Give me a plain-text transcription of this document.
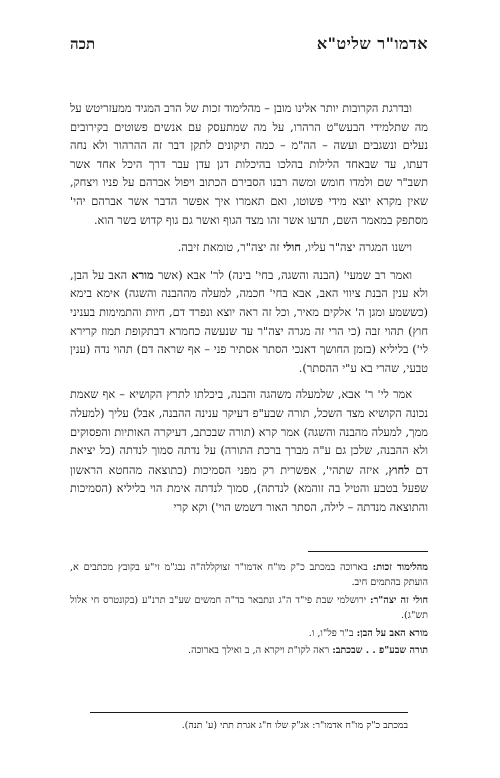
אדמו"ר שליט"א
תכה

ובדרגת הקרובות יותר אלינו מובן – מהלימוד זכות של הרב המגיד ממעזריטש על מה שתלמידי הבעש"ט הרהרו, על מה שמתעסק עם אנשים פשוטים בקירובים נעלים ונשגבים ועשה – הה"מ – כמה תיקונים לתקן דבר זה ההרהור ולא נחה דעתו, עד שבאחד הלילות בהלכו בהיכלות דגן עדן עבר דרך היכל אחד אשר תשב"ר שם ולמדו חומש ומשה רבנו הסבירם הכתוב ויפול אברהם על פניו ויצחק, שאין מקרא יוצא מידי פשוטו, ואם תאמרו איך אפשר הדבר אשר אברהם יהי' מסתפק במאמר השם, תדעו אשר זהו מצד הגוף ואשר גם גוף קדוש בשר הוא.

וישנו המגרה יצה"ר עליו, חולי זה יצה"ר, טומאת זיבה.

ואמר רב שמעי' (הבנה והשגה, בחי' בינה) לר' אבא (אשר מורא האב על הבן, ולא ענין הבנת ציווי האב, אבא בחי' חכמה, למעלה מההבנה והשגה) אימא בימא (כששמע ומגן ה' אלקים מאיר, וכל זה ראה יוצא ונפרד דם, חיות והתמימות בעניני חוץ) תהוי זבה (כי הרי זה מגרה יצה"ר עד שנעשה כחמרא דבתקופת תמוז קרירא לי') בליליא (בזמן החושך דאנכי הסתר אסתיר פני – אף שראה דם) תהוי נדה (ענין טבעי, שהרי בא ע"י ההסתר).

אמר לי' ר' אבא, שלמעלה משהגה והבנה, ביכלתו לתרץ הקושיא – אף שאמת נכונה הקושיא מצד השכל, תורה שבע"פ דעיקר ענינה ההבנה, אבל) עליך (למעלה ממך, למעלה מהבנה והשגה) אמר קרא (תורה שבכתב, דעיקרה האותיות והפסוקים ולא ההבנה, שלכן גם ע"ה מברך ברכת התורה) על נדתה סמוך לנדתה (כל יציאת דם לחוץ, איזה שתהי', אפשרית רק מפני הסמיכות (כתוצאה מהחטא הראשון שפעל בטבע והטיל בה זוהמא) לנדתה), סמוך לנדתה אימת הוי בליליא (הסמיכות והתוצאה מנדתה – לילה, הסתר האור דשמש הוי') וקא קרי

מהלימוד זכות: בארוכה במכתב כ"ק מו"ח אדמו"ר זצוקללה"ה נבג"מ זי"ע בקובץ מכתבים א, הועתק בהתמים חיב.

חולי זה יצה"ר: ירושלמי שבת פי"ד ה"ג ונתבאר בד"ה חמשים שע"ב תרנ"ע (בקונטרס חי אלול תש"ג).

מורא האב על הבן: ב"ר פל"ו, ו.

תורה שבע"פ . . שבכתב: ראה לקו"ת ויקרא ה, ב ואילך בארוכה.

במכתב כ"ק מו"ח אדמו"ר: אג"ק שלו ח"ג אגרת תתי (ע' תנה).
